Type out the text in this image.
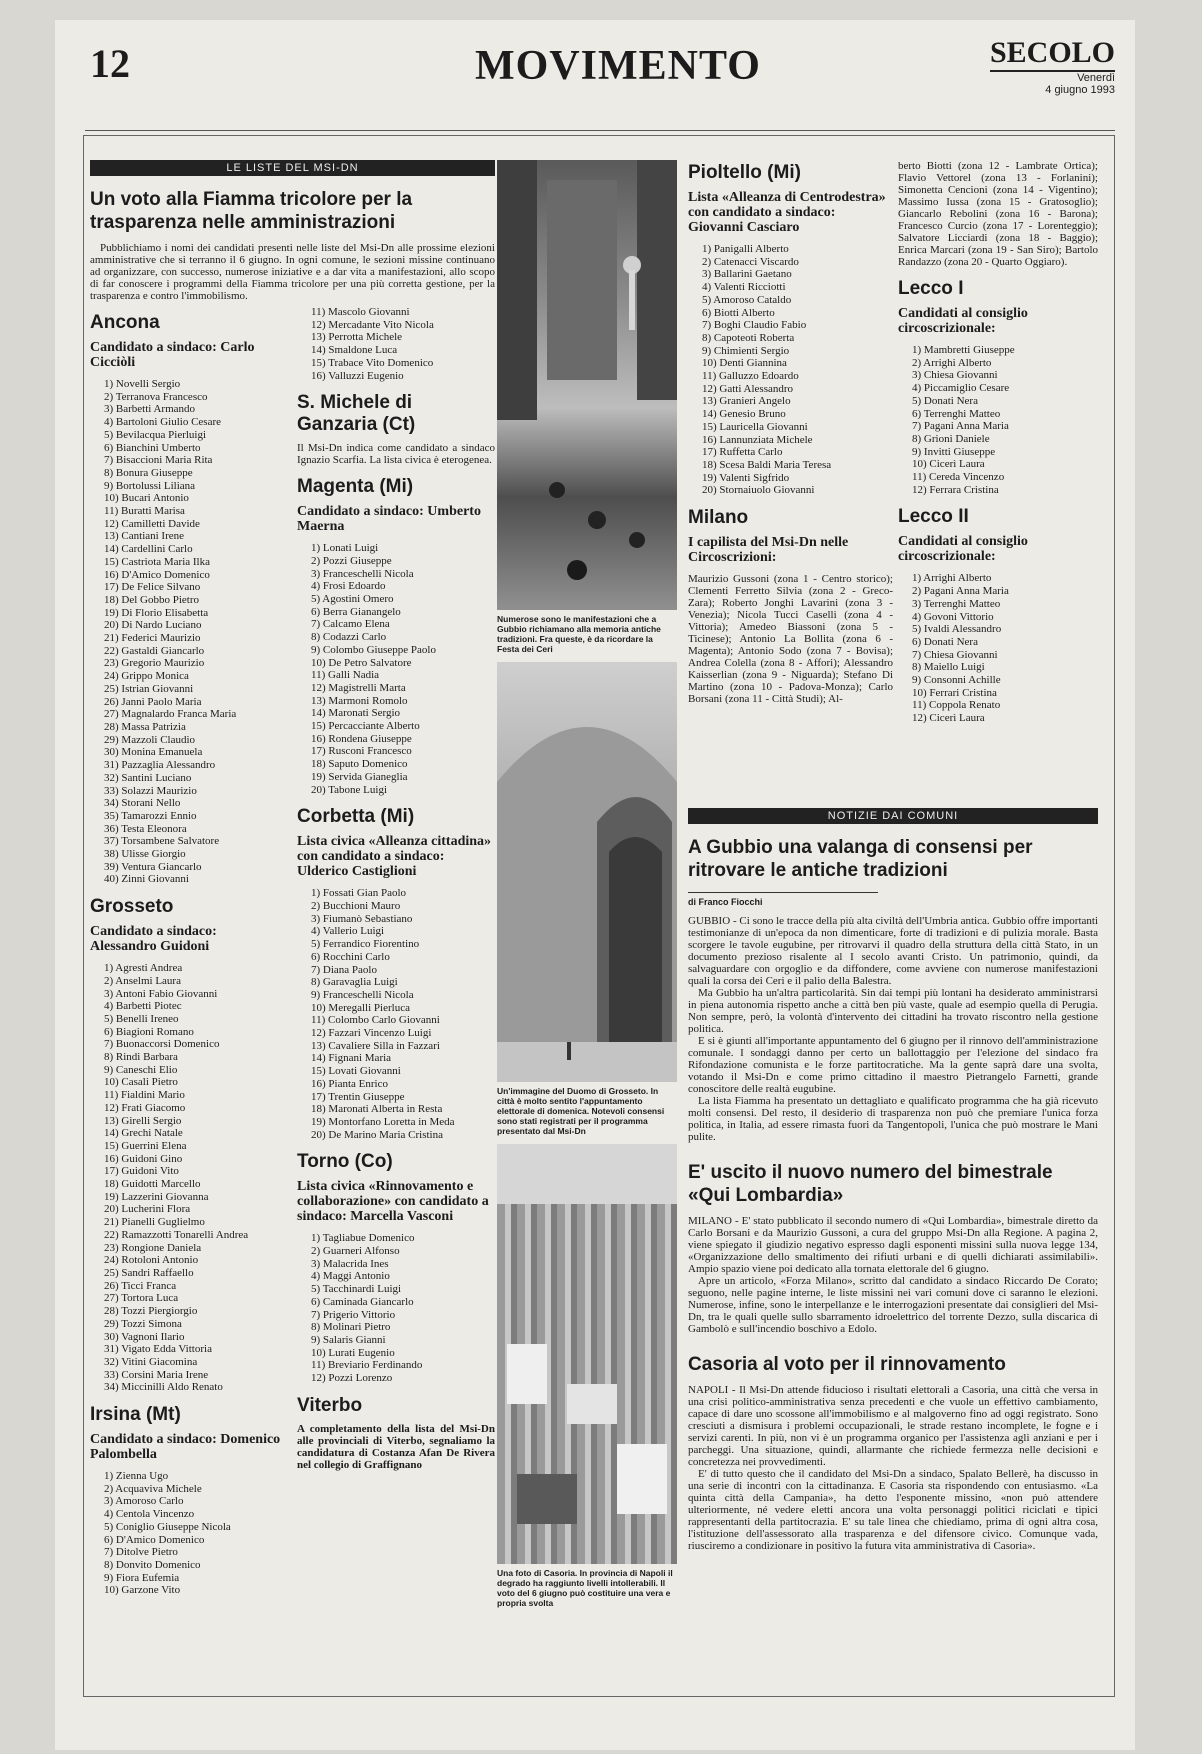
12	MOVIMENTO	SECOLO
Venerdì
4 giugno 1993
LE LISTE DEL MSI-DN
Un voto alla Fiamma tricolore per la trasparenza nelle amministrazioni
Pubblichiamo i nomi dei candidati presenti nelle liste del Msi-Dn alle prossime elezioni amministrative che si terranno il 6 giugno. In ogni comune, le sezioni missine continuano ad organizzare, con successo, numerose iniziative e a dar vita a manifestazioni, allo scopo di far conoscere i programmi della Fiamma tricolore per una più corretta gestione, per la trasparenza e contro l'immobilismo.
Ancona
Candidato a sindaco: Carlo Cicciòli
1) Novelli Sergio
2) Terranova Francesco
3) Barbetti Armando
4) Bartoloni Giulio Cesare
5) Bevilacqua Pierluigi
6) Bianchini Umberto
7) Bisaccioni Maria Rita
8) Bonura Giuseppe
9) Bortolussi Liliana
10) Bucari Antonio
11) Buratti Marisa
12) Camilletti Davide
13) Cantiani Irene
14) Cardellini Carlo
15) Castriota Maria Ilka
16) D'Amico Domenico
17) De Felice Silvano
18) Del Gobbo Pietro
19) Di Florio Elisabetta
20) Di Nardo Luciano
21) Federici Maurizio
22) Gastaldi Giancarlo
23) Gregorio Maurizio
24) Grippo Monica
25) Istrian Giovanni
26) Janni Paolo Maria
27) Magnalardo Franca Maria
28) Massa Patrizia
29) Mazzoli Claudio
30) Monina Emanuela
31) Pazzaglia Alessandro
32) Santini Luciano
33) Solazzi Maurizio
34) Storani Nello
35) Tamarozzi Ennio
36) Testa Eleonora
37) Torsambene Salvatore
38) Ulisse Giorgio
39) Ventura Giancarlo
40) Zinni Giovanni
Grosseto
Candidato a sindaco: Alessandro Guidoni
1) Agresti Andrea
2) Anselmi Laura
3) Antoni Fabio Giovanni
4) Barbetti Piotec
5) Benelli Ireneo
6) Biagioni Romano
7) Buonaccorsi Domenico
8) Rindi Barbara
9) Caneschi Elio
10) Casali Pietro
11) Fialdini Mario
12) Frati Giacomo
13) Girelli Sergio
14) Grechi Natale
15) Guerrini Elena
16) Guidoni Gino
17) Guidoni Vito
18) Guidotti Marcello
19) Lazzerini Giovanna
20) Lucherini Flora
21) Pianelli Guglielmo
22) Ramazzotti Tonarelli Andrea
23) Rongione Daniela
24) Rotoloni Antonio
25) Sandri Raffaello
26) Ticci Franca
27) Tortora Luca
28) Tozzi Piergiorgio
29) Tozzi Simona
30) Vagnoni Ilario
31) Vigato Edda Vittoria
32) Vitini Giacomina
33) Corsini Maria Irene
34) Miccinilli Aldo Renato
Irsina (Mt)
Candidato a sindaco: Domenico Palombella
1) Zienna Ugo
2) Acquaviva Michele
3) Amoroso Carlo
4) Centola Vincenzo
5) Coniglio Giuseppe Nicola
6) D'Amico Domenico
7) Ditolve Pietro
8) Donvito Domenico
9) Fiora Eufemia
10) Garzone Vito
11) Mascolo Giovanni
12) Mercadante Vito Nicola
13) Perrotta Michele
14) Smaldone Luca
15) Trabace Vito Domenico
16) Valluzzi Eugenio
S. Michele di Ganzaria (Ct)
Il Msi-Dn indica come candidato a sindaco Ignazio Scarfia. La lista civica è eterogenea.
Magenta (Mi)
Candidato a sindaco: Umberto Maerna
1) Lonati Luigi
2) Pozzi Giuseppe
3) Franceschelli Nicola
4) Frosi Edoardo
5) Agostini Omero
6) Berra Gianangelo
7) Calcamo Elena
8) Codazzi Carlo
9) Colombo Giuseppe Paolo
10) De Petro Salvatore
11) Galli Nadia
12) Magistrelli Marta
13) Marmoni Romolo
14) Maronati Sergio
15) Percacciante Alberto
16) Rondena Giuseppe
17) Rusconi Francesco
18) Saputo Domenico
19) Servida Gianeglia
20) Tabone Luigi
Corbetta (Mi)
Lista civica «Alleanza cittadina» con candidato a sindaco: Ulderico Castiglioni
1) Fossati Gian Paolo
2) Bucchioni Mauro
3) Fiumanò Sebastiano
4) Vallerio Luigi
5) Ferrandico Fiorentino
6) Rocchini Carlo
7) Diana Paolo
8) Garavaglia Luigi
9) Franceschelli Nicola
10) Meregalli Pierluca
11) Colombo Carlo Giovanni
12) Fazzari Vincenzo Luigi
13) Cavaliere Silla in Fazzari
14) Fignani Maria
15) Lovati Giovanni
16) Pianta Enrico
17) Trentin Giuseppe
18) Maronati Alberta in Resta
19) Montorfano Loretta in Meda
20) De Marino Maria Cristina
Torno (Co)
Lista civica «Rinnovamento e collaborazione» con candidato a sindaco: Marcella Vasconi
1) Tagliabue Domenico
2) Guarneri Alfonso
3) Malacrida Ines
4) Maggi Antonio
5) Tacchinardi Luigi
6) Caminada Giancarlo
7) Prigerio Vittorio
8) Molinari Pietro
9) Salaris Gianni
10) Lurati Eugenio
11) Breviario Ferdinando
12) Pozzi Lorenzo
Viterbo
A completamento della lista del Msi-Dn alle provinciali di Viterbo, segnaliamo la candidatura di Costanza Afan De Rivera nel collegio di Graffignano
Numerose sono le manifestazioni che a Gubbio richiamano alla memoria antiche tradizioni. Fra queste, è da ricordare la Festa dei Ceri
Un'immagine del Duomo di Grosseto. In città è molto sentito l'appuntamento elettorale di domenica. Notevoli consensi sono stati registrati per il programma presentato dal Msi-Dn
Una foto di Casoria. In provincia di Napoli il degrado ha raggiunto livelli intollerabili. Il voto del 6 giugno può costituire una vera e propria svolta
Pioltello (Mi)
Lista «Alleanza di Centrodestra» con candidato a sindaco: Giovanni Casciaro
1) Panigalli Alberto
2) Catenacci Viscardo
3) Ballarini Gaetano
4) Valenti Ricciotti
5) Amoroso Cataldo
6) Biotti Alberto
7) Boghi Claudio Fabio
8) Capoteoti Roberta
9) Chimienti Sergio
10) Denti Giannina
11) Galluzzo Edoardo
12) Gatti Alessandro
13) Granieri Angelo
14) Genesio Bruno
15) Lauricella Giovanni
16) Lannunziata Michele
17) Ruffetta Carlo
18) Scesa Baldi Maria Teresa
19) Valenti Sigfrido
20) Stornaiuolo Giovanni
Milano
I capilista del Msi-Dn nelle Circoscrizioni:
Maurizio Gussoni (zona 1 - Centro storico); Clementi Ferretto Silvia (zona 2 - Greco-Zara); Roberto Jonghi Lavarini (zona 3 - Venezia); Nicola Tucci Caselli (zona 4 - Vittoria); Amedeo Biassoni (zona 5 - Ticinese); Antonio La Bollita (zona 6 - Magenta); Antonio Sodo (zona 7 - Bovisa); Andrea Colella (zona 8 - Affori); Alessandro Kaisserlian (zona 9 - Niguarda); Stefano Di Martino (zona 10 - Padova-Monza); Carlo Borsani (zona 11 - Città Studi); Al-
berto Biotti (zona 12 - Lambrate Ortica); Flavio Vettorel (zona 13 - Forlanini); Simonetta Cencioni (zona 14 - Vigentino); Massimo Iussa (zona 15 - Gratosoglio); Giancarlo Rebolini (zona 16 - Barona); Francesco Curcio (zona 17 - Lorenteggio); Salvatore Licciardi (zona 18 - Baggio); Enrica Marcari (zona 19 - San Siro); Bartolo Randazzo (zona 20 - Quarto Oggiaro).
Lecco I
Candidati al consiglio circoscrizionale:
1) Mambretti Giuseppe
2) Arrighi Alberto
3) Chiesa Giovanni
4) Piccamiglio Cesare
5) Donati Nera
6) Terrenghi Matteo
7) Pagani Anna Maria
8) Grioni Daniele
9) Invitti Giuseppe
10) Cicerì Laura
11) Cereda Vincenzo
12) Ferrara Cristina
Lecco II
Candidati al consiglio circoscrizionale:
1) Arrighi Alberto
2) Pagani Anna Maria
3) Terrenghi Matteo
4) Govoni Vittorio
5) Ivaldi Alessandro
6) Donati Nera
7) Chiesa Giovanni
8) Maiello Luigi
9) Consonni Achille
10) Ferrari Cristina
11) Coppola Renato
12) Cicerì Laura
NOTIZIE DAI COMUNI
A Gubbio una valanga di consensi per ritrovare le antiche tradizioni
di Franco Fiocchi
GUBBIO - Ci sono le tracce della più alta civiltà dell'Umbria antica. Gubbio offre importanti testimonianze di un'epoca da non dimenticare, forte di tradizioni e di pulizia morale. Basta scorgere le tavole eugubine, per ritrovarvi il quadro della struttura della città Stato, in un documento prezioso risalente al I secolo avanti Cristo. Un patrimonio, quindi, da salvaguardare con orgoglio e da diffondere, come avviene con numerose manifestazioni quali la corsa dei Ceri e il palio della Balestra.
Ma Gubbio ha un'altra particolarità. Sin dai tempi più lontani ha desiderato amministrarsi in piena autonomia rispetto anche a città ben più vaste, quale ad esempio quella di Perugia. Non sempre, però, la volontà d'intervento dei cittadini ha trovato riscontro nella gestione politica.
E si è giunti all'importante appuntamento del 6 giugno per il rinnovo dell'amministrazione comunale. I sondaggi danno per certo un ballottaggio per l'elezione del sindaco fra Rifondazione comunista e le forze partitocratiche. Ma la gente saprà dare una svolta, votando il Msi-Dn e come primo cittadino il maestro Pietrangelo Farnetti, grande conoscitore delle realtà eugubine.
La lista Fiamma ha presentato un dettagliato e qualificato programma che ha già ricevuto molti consensi. Del resto, il desiderio di trasparenza non può che premiare l'unica forza politica, in Italia, ad essere rimasta fuori da Tangentopoli, l'unica che può mostrare le Mani pulite.
E' uscito il nuovo numero del bimestrale «Qui Lombardia»
MILANO - E' stato pubblicato il secondo numero di «Qui Lombardia», bimestrale diretto da Carlo Borsani e da Maurizio Gussoni, a cura del gruppo Msi-Dn alla Regione. A pagina 2, viene spiegato il giudizio negativo espresso dagli esponenti missini sulla nuova legge 134, «Organizzazione dello smaltimento dei rifiuti urbani e di quelli dichiarati assimilabili». Ampio spazio viene poi dedicato alla tornata elettorale del 6 giugno.
Apre un articolo, «Forza Milano», scritto dal candidato a sindaco Riccardo De Corato; seguono, nelle pagine interne, le liste missini nei vari comuni dove ci saranno le elezioni. Numerose, infine, sono le interpellanze e le interrogazioni presentate dai consiglieri del Msi-Dn, tra le quali quelle sullo sbarramento idroelettrico del torrente Dezzo, sulla discarica di Gambolò e sull'incendio boschivo a Edolo.
Casoria al voto per il rinnovamento
NAPOLI - Il Msi-Dn attende fiducioso i risultati elettorali a Casoria, una città che versa in una crisi politico-amministrativa senza precedenti e che vuole un effettivo cambiamento, capace di dare uno scossone all'immobilismo e al malgoverno fino ad oggi registrato. Sono cresciuti a dismisura i problemi occupazionali, le strade restano incomplete, le fogne e i servizi carenti. In più, non vi è un programma organico per l'assistenza agli anziani e per i parcheggi. Una situazione, quindi, allarmante che richiede fermezza nelle decisioni e concretezza nei provvedimenti.
E' di tutto questo che il candidato del Msi-Dn a sindaco, Spalato Bellerè, ha discusso in una serie di incontri con la cittadinanza. E Casoria sta rispondendo con entusiasmo. «La quinta città della Campania», ha detto l'esponente missino, «non può attendere ulteriormente, né vedere eletti ancora una volta personaggi politici riciclati e tipici rappresentanti della partitocrazia. E' su tale linea che chiediamo, prima di ogni altra cosa, l'istituzione dell'assessorato alla trasparenza e del difensore civico. Comunque vada, riusciremo a condizionare in positivo la futura vita amministrativa di Casoria».
